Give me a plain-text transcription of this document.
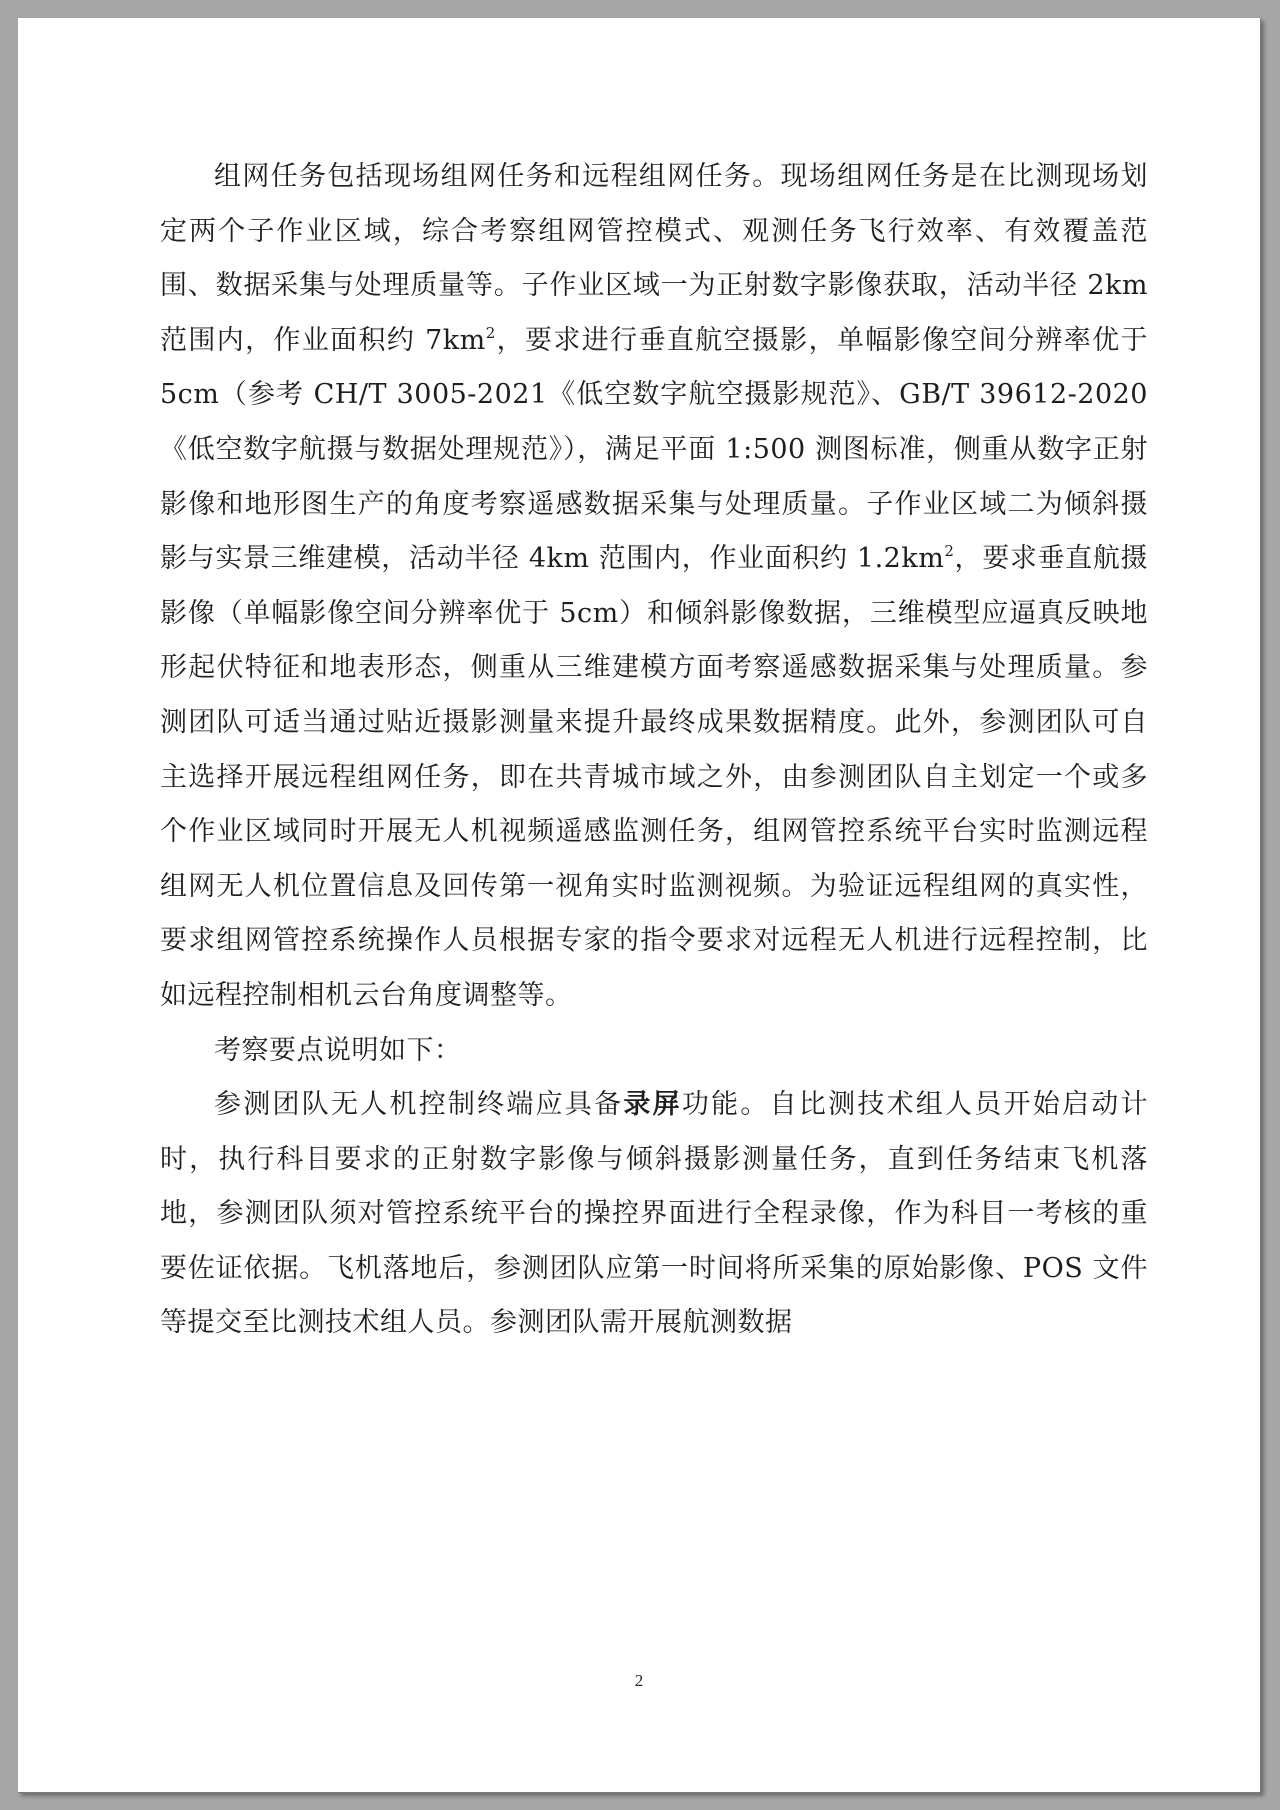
组网任务包括现场组网任务和远程组网任务。现场组网任务是在比测现场划定两个子作业区域，综合考察组网管控模式、观测任务飞行效率、有效覆盖范围、数据采集与处理质量等。子作业区域一为正射数字影像获取，活动半径 2km 范围内，作业面积约 $7km^2$，要求进行垂直航空摄影，单幅影像空间分辨率优于 5cm（参考 CH/T 3005-2021《低空数字航空摄影规范》、GB/T 39612-2020 《低空数字航摄与数据处理规范》），满足平面 1:500 测图标准，侧重从数字正射影像和地形图生产的角度考察遥感数据采集与处理质量。子作业区域二为倾斜摄影与实景三维建模，活动半径 4km 范围内，作业面积约 $1.2km^2$，要求垂直航摄影像（单幅影像空间分辨率优于 5cm）和倾斜影像数据，三维模型应逼真反映地形起伏特征和地表形态，侧重从三维建模方面考察遥感数据采集与处理质量。参测团队可适当通过贴近摄影测量来提升最终成果数据精度。此外，参测团队可自主选择开展远程组网任务，即在共青城市域之外，由参测团队自主划定一个或多个作业区域同时开展无人机视频遥感监测任务，组网管控系统平台实时监测远程组网无人机位置信息及回传第一视角实时监测视频。为验证远程组网的真实性，要求组网管控系统操作人员根据专家的指令要求对远程无人机进行远程控制，比如远程控制相机云台角度调整等。

考察要点说明如下：

参测团队无人机控制终端应具备录屏功能。自比测技术组人员开始启动计时，执行科目要求的正射数字影像与倾斜摄影测量任务，直到任务结束飞机落地，参测团队须对管控系统平台的操控界面进行全程录像，作为科目一考核的重要佐证依据。飞机落地后，参测团队应第一时间将所采集的原始影像、POS 文件等提交至比测技术组人员。参测团队需开展航测数据

2
